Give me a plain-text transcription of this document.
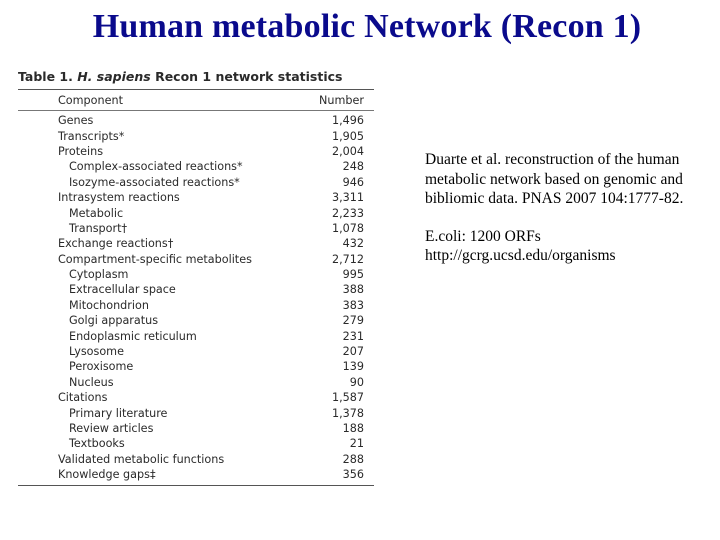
Human metabolic Network (Recon 1)
Table 1. H. sapiens Recon 1 network statistics
Component	Number
Genes	1,496
Transcripts*	1,905
Proteins	2,004
Complex-associated reactions*	248
Isozyme-associated reactions*	946
Intrasystem reactions	3,311
Metabolic	2,233
Transport†	1,078
Exchange reactions†	432
Compartment-specific metabolites	2,712
Cytoplasm	995
Extracellular space	388
Mitochondrion	383
Golgi apparatus	279
Endoplasmic reticulum	231
Lysosome	207
Peroxisome	139
Nucleus	90
Citations	1,587
Primary literature	1,378
Review articles	188
Textbooks	21
Validated metabolic functions	288
Knowledge gaps‡	356

Duarte et al. reconstruction of the human metabolic network based on genomic and bibliomic data. PNAS 2007 104:1777-82.

E.coli: 1200 ORFs
http://gcrg.ucsd.edu/organisms
